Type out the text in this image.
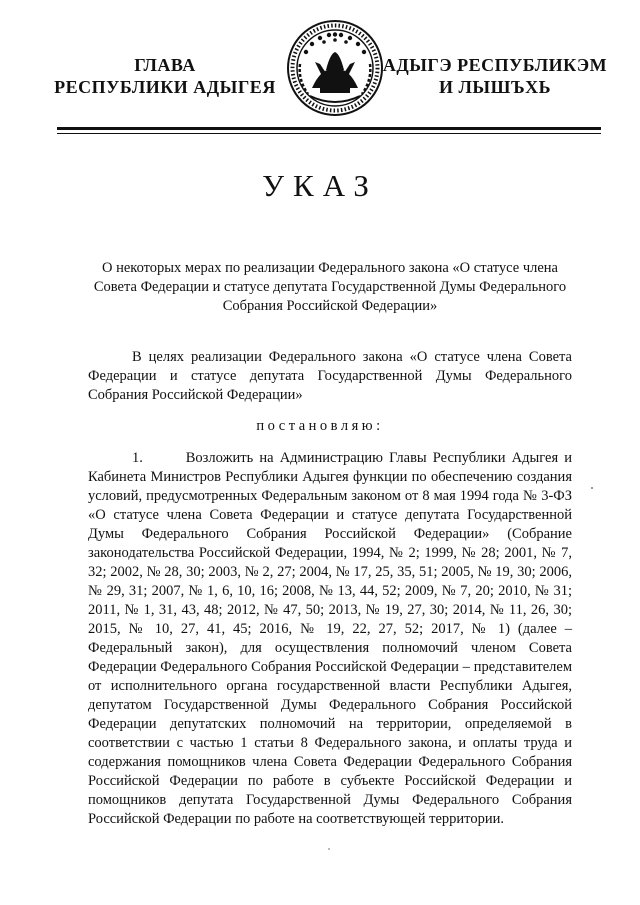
ГЛАВА
РЕСПУБЛИКИ АДЫГЕЯ
АДЫГЭ РЕСПУБЛИКЭМ
И ЛЫШЪХЬ
УКАЗ
О некоторых мерах по реализации Федерального закона «О статусе члена Совета Федерации и статусе депутата Государственной Думы Федерального Собрания Российской Федерации»
В целях реализации Федерального закона «О статусе члена Совета Федерации и статусе депутата Государственной Думы Федерального Собрания Российской Федерации»
постановляю:
1.       Возложить на Администрацию Главы Республики Адыгея и Кабинета Министров Республики Адыгея функции по обеспечению создания условий, предусмотренных Федеральным законом от 8 мая 1994 года № 3-ФЗ «О статусе члена Совета Федерации и статусе депутата Государственной Думы Федерального Собрания Российской Федерации» (Собрание законодательства Российской Федерации, 1994, № 2; 1999, № 28; 2001, № 7, 32; 2002, № 28, 30; 2003, № 2, 27; 2004, № 17, 25, 35, 51; 2005, № 19, 30; 2006, № 29, 31; 2007, № 1, 6, 10, 16; 2008, № 13, 44, 52; 2009, № 7, 20; 2010, № 31; 2011, № 1, 31, 43, 48; 2012, № 47, 50; 2013, № 19, 27, 30; 2014, № 11, 26, 30; 2015, № 10, 27, 41, 45; 2016, № 19, 22, 27, 52; 2017, № 1) (далее – Федеральный закон), для осуществления полномочий членом Совета Федерации Федерального Собрания Российской Федерации – представителем от исполнительного органа государственной власти Республики Адыгея, депутатом Государственной Думы Федерального Собрания Российской Федерации депутатских полномочий на территории, определяемой в соответствии с частью 1 статьи 8 Федерального закона, и оплаты труда и содержания помощников члена Совета Федерации Федерального Собрания Российской Федерации по работе в субъекте Российской Федерации и помощников депутата Государственной Думы Федерального Собрания Российской Федерации по работе на соответствующей территории.
